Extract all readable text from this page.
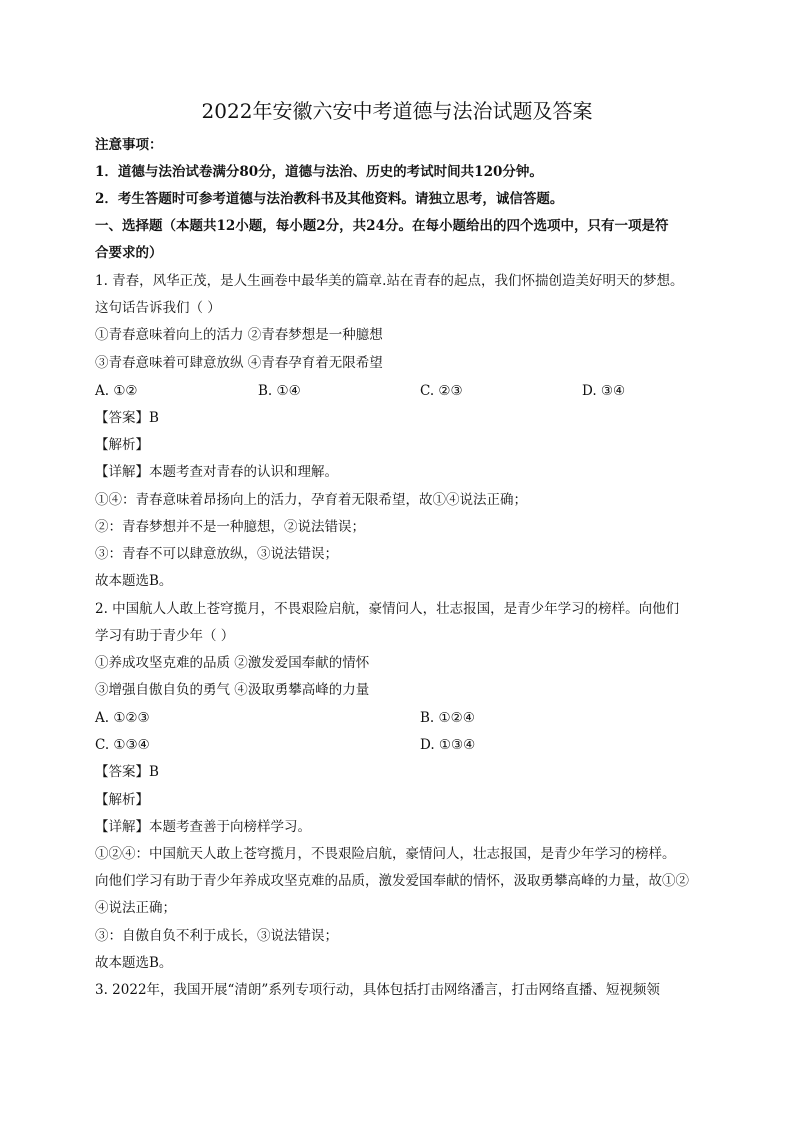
2022年安徽六安中考道德与法治试题及答案
注意事项：
1．道德与法治试卷满分80分，道德与法治、历史的考试时间共120分钟。
2．考生答题时可参考道德与法治教科书及其他资料。请独立思考，诚信答题。
一、选择题（本题共12小题，每小题2分，共24分。在每小题给出的四个选项中，只有一项是符
合要求的）
1. 青春，风华正茂，是人生画卷中最华美的篇章.站在青春的起点，我们怀揣创造美好明天的梦想。
这句话告诉我们（ ）
①青春意味着向上的活力 ②青春梦想是一种臆想
③青春意味着可肆意放纵 ④青春孕育着无限希望
A. ①②	B. ①④	C. ②③	D. ③④
【答案】B
【解析】
【详解】本题考查对青春的认识和理解。
①④：青春意味着昂扬向上的活力，孕育着无限希望，故①④说法正确；
②：青春梦想并不是一种臆想，②说法错误；
③：青春不可以肆意放纵，③说法错误；
故本题选B。
2. 中国航人人敢上苍穹揽月，不畏艰险启航，豪情问人，壮志报国，是青少年学习的榜样。向他们
学习有助于青少年（ ）
①养成攻坚克难的品质 ②激发爱国奉献的情怀
③增强自傲自负的勇气 ④汲取勇攀高峰的力量
A. ①②③	B. ①②④
C. ①③④	D. ①③④
【答案】B
【解析】
【详解】本题考查善于向榜样学习。
①②④：中国航天人敢上苍穹揽月，不畏艰险启航，豪情问人，壮志报国，是青少年学习的榜样。
向他们学习有助于青少年养成攻坚克难的品质，激发爱国奉献的情怀，汲取勇攀高峰的力量，故①②
④说法正确；
③：自傲自负不利于成长，③说法错误；
故本题选B。
3. 2022年，我国开展“清朗”系列专项行动，具体包括打击网络潘言，打击网络直播、短视频领
